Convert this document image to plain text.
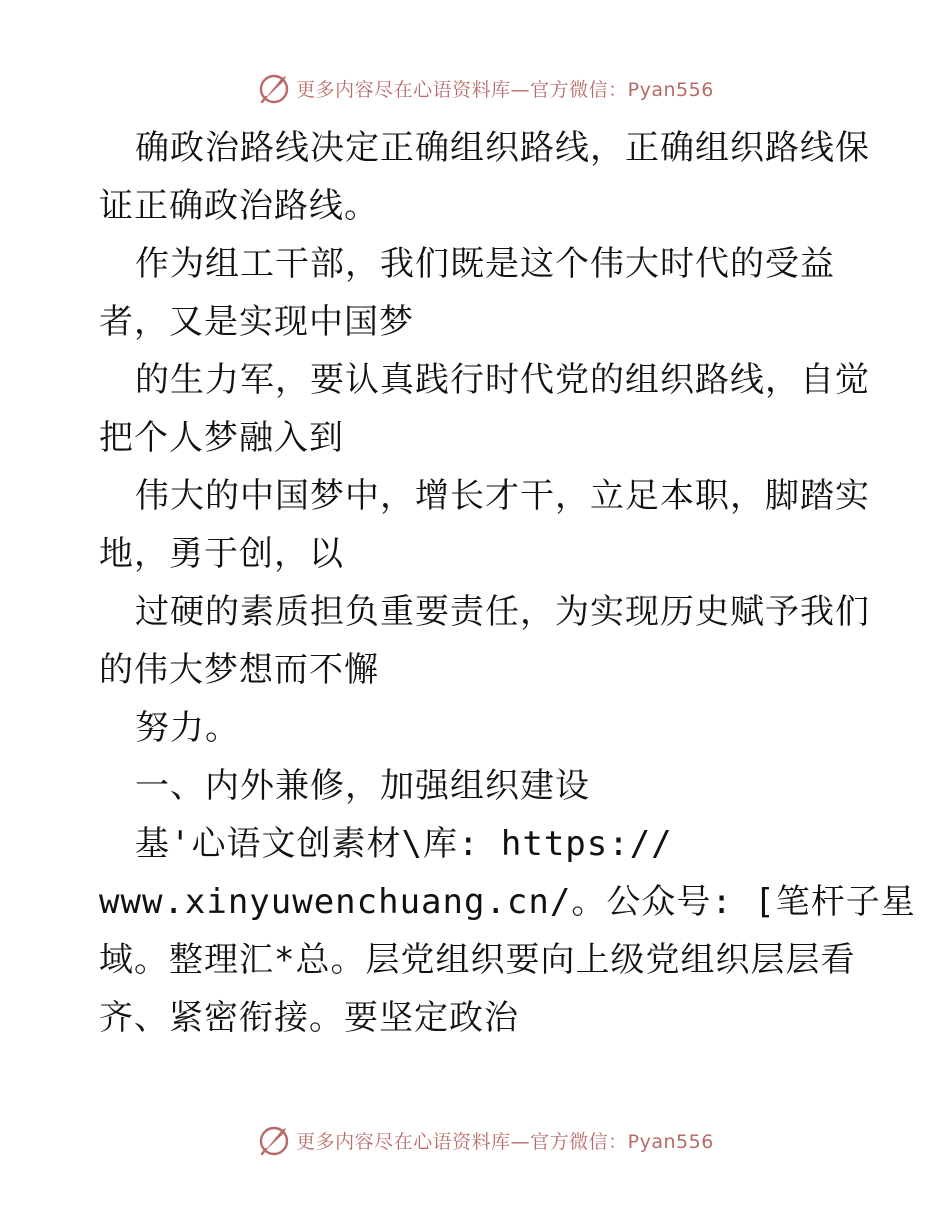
更多内容尽在心语资料库—官方微信：Pyan556
确政治路线决定正确组织路线，正确组织路线保
证正确政治路线。
作为组工干部，我们既是这个伟大时代的受益
者，又是实现中国梦
的生力军，要认真践行时代党的组织路线，自觉
把个人梦融入到
伟大的中国梦中，增长才干，立足本职，脚踏实
地，勇于创，以
过硬的素质担负重要责任，为实现历史赋予我们
的伟大梦想而不懈
努力。
一、内外兼修，加强组织建设
基'心语文创素材\库: https://
www.xinyuwenchuang.cn/。公众号: [笔杆子星
域。整理汇*总。层党组织要向上级党组织层层看
齐、紧密衔接。要坚定政治
更多内容尽在心语资料库—官方微信：Pyan556
